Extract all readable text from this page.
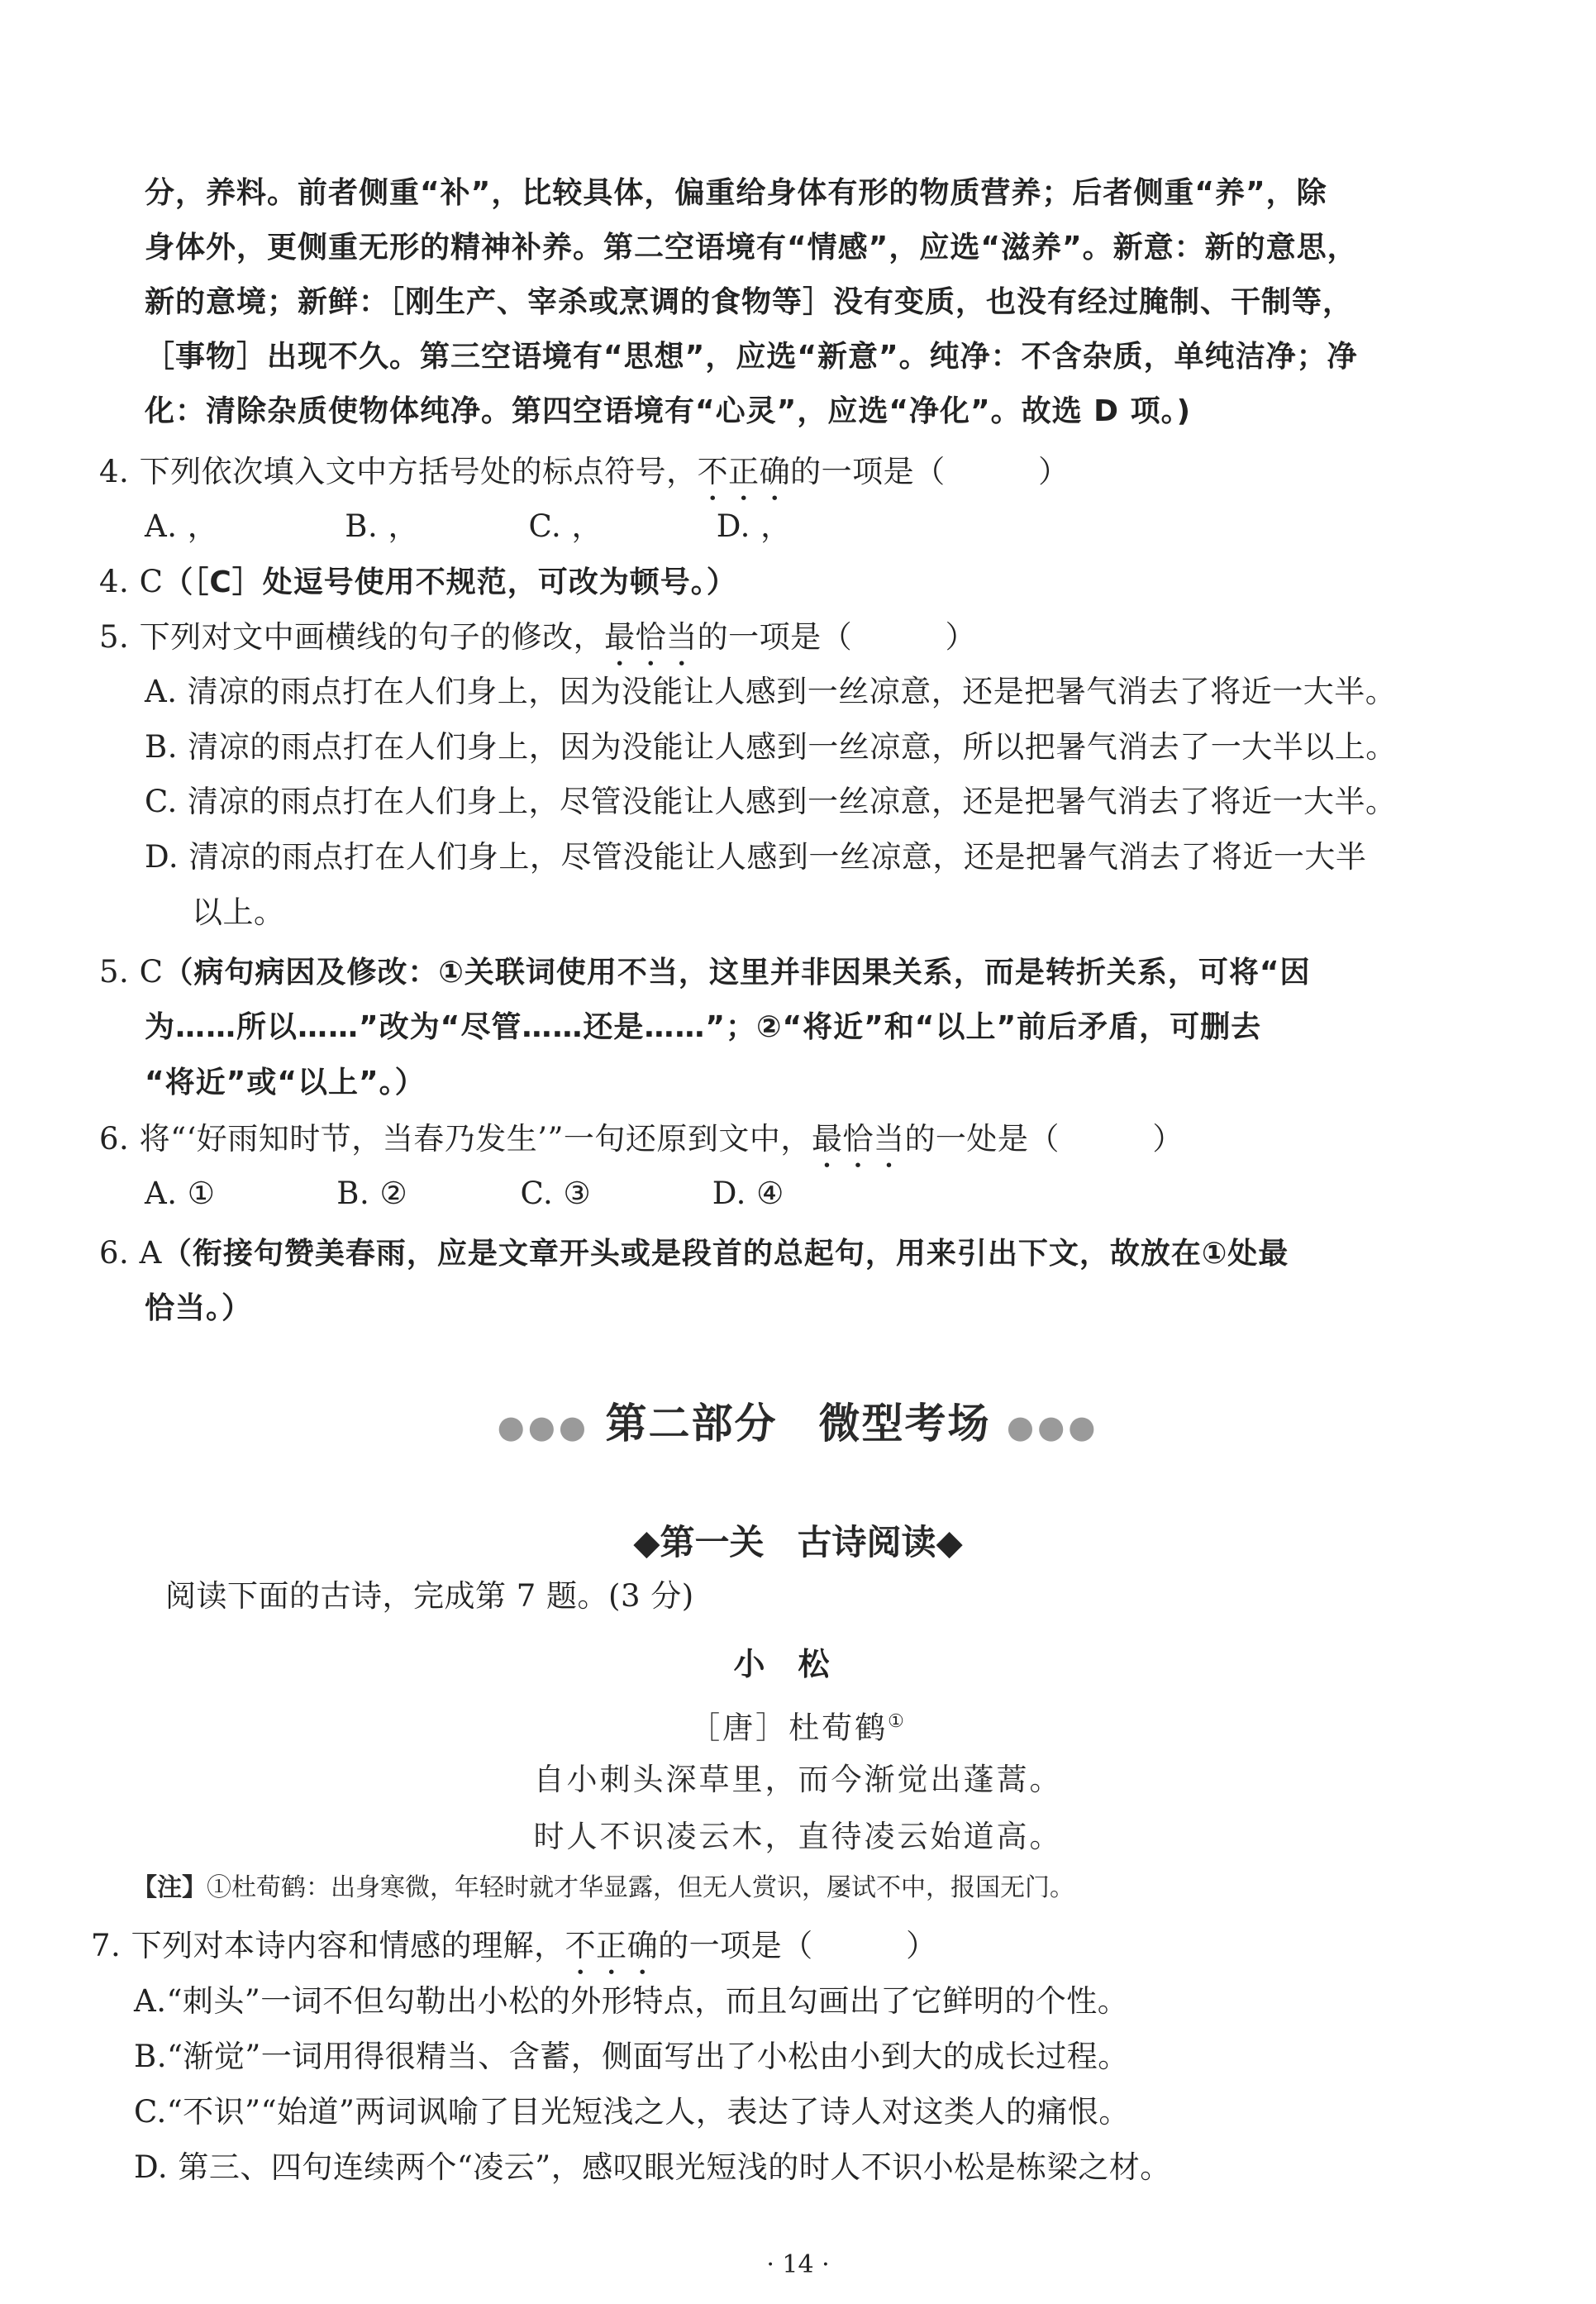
分，养料。前者侧重“补”，比较具体，偏重给身体有形的物质营养；后者侧重“养”，除
身体外，更侧重无形的精神补养。第二空语境有“情感”，应选“滋养”。新意：新的意思，
新的意境；新鲜：［刚生产、宰杀或烹调的食物等］没有变质，也没有经过腌制、干制等，
［事物］出现不久。第三空语境有“思想”，应选“新意”。纯净：不含杂质，单纯洁净；净
化：清除杂质使物体纯净。第四空语境有“心灵”，应选“净化”。故选 D 项。)
4. 下列依次填入文中方括号处的标点符号，不正确的一项是（　　　）
A. ，	B. ，	C. ，	D. ，
4. C（［C］处逗号使用不规范，可改为顿号。）
5. 下列对文中画横线的句子的修改，最恰当的一项是（　　　）
A. 清凉的雨点打在人们身上，因为没能让人感到一丝凉意，还是把暑气消去了将近一大半。
B. 清凉的雨点打在人们身上，因为没能让人感到一丝凉意，所以把暑气消去了一大半以上。
C. 清凉的雨点打在人们身上，尽管没能让人感到一丝凉意，还是把暑气消去了将近一大半。
D. 清凉的雨点打在人们身上，尽管没能让人感到一丝凉意，还是把暑气消去了将近一大半
以上。
5. C（病句病因及修改：①关联词使用不当，这里并非因果关系，而是转折关系，可将“因
为……所以……”改为“尽管……还是……”；②“将近”和“以上”前后矛盾，可删去
“将近”或“以上”。）
6. 将“‘好雨知时节，当春乃发生’”一句还原到文中，最恰当的一处是（　　　）
A. ①	B. ②	C. ③	D. ④
6. A（衔接句赞美春雨，应是文章开头或是段首的总起句，用来引出下文，故放在①处最
恰当。）
●●● 第二部分 微型考场 ●●●
◆第一关 古诗阅读◆
阅读下面的古诗，完成第 7 题。(3 分)
小松
［唐］杜荀鹤①
自小刺头深草里，而今渐觉出蓬蒿。
时人不识凌云木，直待凌云始道高。
【注】①杜荀鹤：出身寒微，年轻时就才华显露，但无人赏识，屡试不中，报国无门。
7. 下列对本诗内容和情感的理解，不正确的一项是（　　　）
A.“刺头”一词不但勾勒出小松的外形特点，而且勾画出了它鲜明的个性。
B.“渐觉”一词用得很精当、含蓄，侧面写出了小松由小到大的成长过程。
C.“不识”“始道”两词讽喻了目光短浅之人，表达了诗人对这类人的痛恨。
D. 第三、四句连续两个“凌云”，感叹眼光短浅的时人不识小松是栋梁之材。
· 14 ·
